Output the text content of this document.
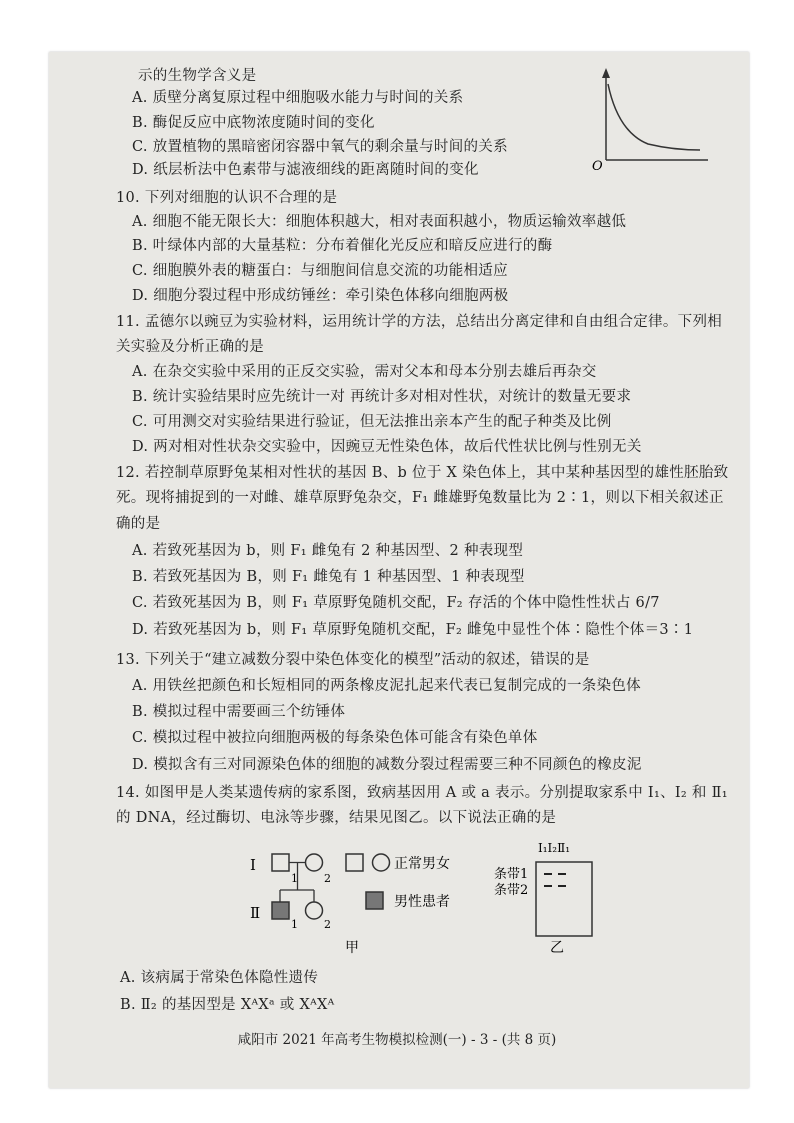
示的生物学含义是
A. 质壁分离复原过程中细胞吸水能力与时间的关系
B. 酶促反应中底物浓度随时间的变化
C. 放置植物的黑暗密闭容器中氧气的剩余量与时间的关系
D. 纸层析法中色素带与滤液细线的距离随时间的变化	O
10. 下列对细胞的认识不合理的是
A. 细胞不能无限长大：细胞体积越大，相对表面积越小，物质运输效率越低
B. 叶绿体内部的大量基粒：分布着催化光反应和暗反应进行的酶
C. 细胞膜外表的糖蛋白：与细胞间信息交流的功能相适应
D. 细胞分裂过程中形成纺锤丝：牵引染色体移向细胞两极
11. 孟德尔以豌豆为实验材料，运用统计学的方法，总结出分离定律和自由组合定律。下列相
关实验及分析正确的是
A. 在杂交实验中采用的正反交实验，需对父本和母本分别去雄后再杂交
B. 统计实验结果时应先统计一对 再统计多对相对性状，对统计的数量无要求
C. 可用测交对实验结果进行验证，但无法推出亲本产生的配子种类及比例
D. 两对相对性状杂交实验中，因豌豆无性染色体，故后代性状比例与性别无关
12. 若控制草原野兔某相对性状的基因 B、b 位于 X 染色体上，其中某种基因型的雄性胚胎致
死。现将捕捉到的一对雌、雄草原野兔杂交，F₁ 雌雄野兔数量比为 2∶1，则以下相关叙述正
确的是
A. 若致死基因为 b，则 F₁ 雌兔有 2 种基因型、2 种表现型
B. 若致死基因为 B，则 F₁ 雌兔有 1 种基因型、1 种表现型
C. 若致死基因为 B，则 F₁ 草原野兔随机交配，F₂ 存活的个体中隐性性状占 6/7
D. 若致死基因为 b，则 F₁ 草原野兔随机交配，F₂ 雌兔中显性个体∶隐性个体＝3∶1
13. 下列关于“建立减数分裂中染色体变化的模型”活动的叙述，错误的是
A. 用铁丝把颜色和长短相同的两条橡皮泥扎起来代表已复制完成的一条染色体
B. 模拟过程中需要画三个纺锤体
C. 模拟过程中被拉向细胞两极的每条染色体可能含有染色单体
D. 模拟含有三对同源染色体的细胞的减数分裂过程需要三种不同颜色的橡皮泥
14. 如图甲是人类某遗传病的家系图，致病基因用 A 或 a 表示。分别提取家系中 Ⅰ₁、Ⅰ₂ 和 Ⅱ₁
的 DNA，经过酶切、电泳等步骤，结果见图乙。以下说法正确的是
Ⅰ
Ⅱ
1 2
1 2
正常男女
男性患者
甲
Ⅰ₁Ⅰ₂Ⅱ₁
条带1
条带2
乙
A. 该病属于常染色体隐性遗传
B. Ⅱ₂ 的基因型是 XᴬXᵃ 或 XᴬXᴬ
咸阳市 2021 年高考生物模拟检测(一) - 3 - (共 8 页)
